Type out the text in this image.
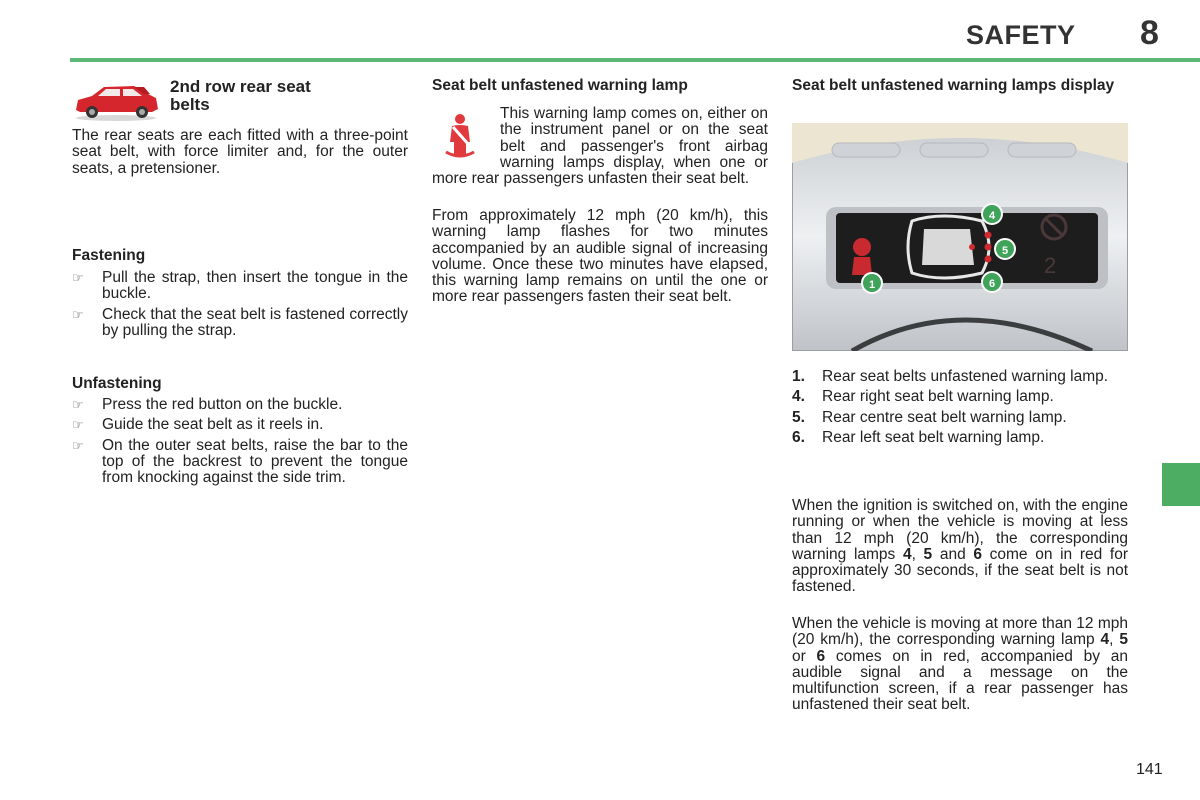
SAFETY 8
2nd row rear seat
belts

The rear seats are each fitted with a three-point seat belt, with force limiter and, for the outer seats, a pretensioner.

Fastening
☞ Pull the strap, then insert the tongue in the buckle.
☞ Check that the seat belt is fastened correctly by pulling the strap.
Unfastening
☞ Press the red button on the buckle.
☞ Guide the seat belt as it reels in.
☞ On the outer seat belts, raise the bar to the top of the backrest to prevent the tongue from knocking against the side trim.
Seat belt unfastened warning lamp
This warning lamp comes on, either on the instrument panel or on the seat belt and passenger's front airbag warning lamps display, when one or more rear passengers unfasten their seat belt.

From approximately 12 mph (20 km/h), this warning lamp flashes for two minutes accompanied by an audible signal of increasing volume. Once these two minutes have elapsed, this warning lamp remains on until the one or more rear passengers fasten their seat belt.

Seat belt unfastened warning lamps display
2
1
4
5
6
1.	Rear seat belts unfastened warning lamp.
4.	Rear right seat belt warning lamp.
5.	Rear centre seat belt warning lamp.
6.	Rear left seat belt warning lamp.

When the ignition is switched on, with the engine running or when the vehicle is moving at less than 12 mph (20 km/h), the corresponding warning lamps 4, 5 and 6 come on in red for approximately 30 seconds, if the seat belt is not fastened.

When the vehicle is moving at more than 12 mph (20 km/h), the corresponding warning lamp 4, 5 or 6 comes on in red, accompanied by an audible signal and a message on the multifunction screen, if a rear passenger has unfastened their seat belt.

141
